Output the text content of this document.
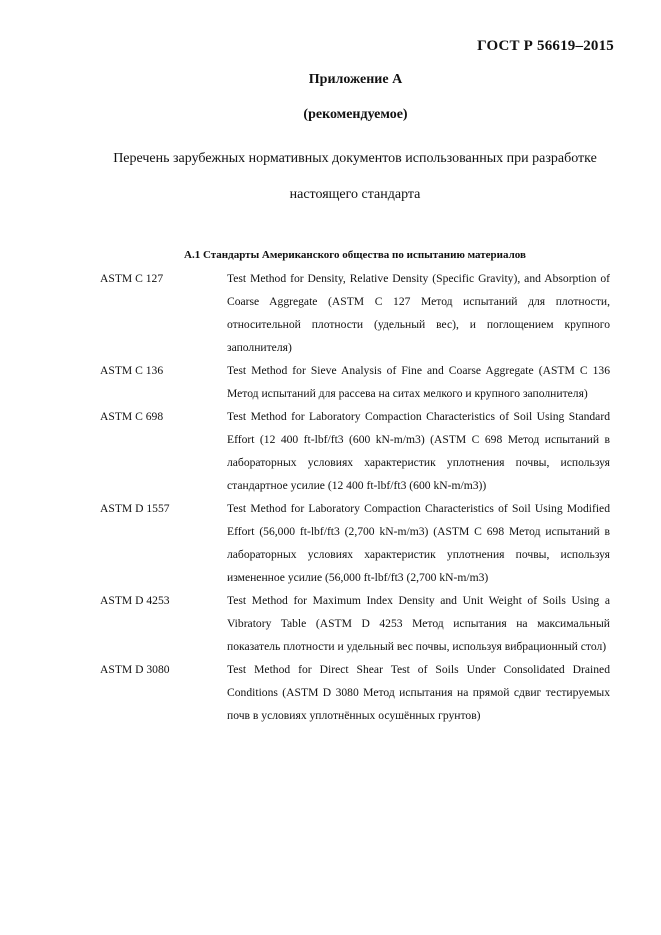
ГОСТ Р 56619–2015
Приложение А
(рекомендуемое)
Перечень зарубежных нормативных документов использованных при разработке настоящего стандарта
А.1 Стандарты Американского общества по испытанию материалов
ASTM C 127	Test Method for Density, Relative Density (Specific Gravity), and Absorption of Coarse Aggregate (ASTM C 127 Метод испытаний для плотности, относительной плотности (удельный вес), и поглощением крупного заполнителя)
ASTM C 136	Test Method for Sieve Analysis of Fine and Coarse Aggregate (ASTM C 136 Метод испытаний для рассева на ситах мелкого и крупного заполнителя)
ASTM C 698	Test Method for Laboratory Compaction Characteristics of Soil Using Standard Effort (12 400 ft-lbf/ft3 (600 kN-m/m3) (ASTM C 698 Метод испытаний в лабораторных условиях характеристик уплотнения почвы, используя стандартное усилие (12 400 ft-lbf/ft3 (600 kN-m/m3))
ASTM D 1557	Test Method for Laboratory Compaction Characteristics of Soil Using Modified Effort (56,000 ft-lbf/ft3 (2,700 kN-m/m3) (ASTM C 698 Метод испытаний в лабораторных условиях характеристик уплотнения почвы, используя измененное усилие (56,000 ft-lbf/ft3 (2,700 kN-m/m3)
ASTM D 4253	Test Method for Maximum Index Density and Unit Weight of Soils Using a Vibratory Table (ASTM D 4253 Метод испытания на максимальный показатель плотности и удельный вес почвы, используя вибрационный стол)
ASTM D 3080	Test Method for Direct Shear Test of Soils Under Consolidated Drained Conditions (ASTM D 3080 Метод испытания на прямой сдвиг тестируемых почв в условиях уплотнённых осушённых грунтов)
